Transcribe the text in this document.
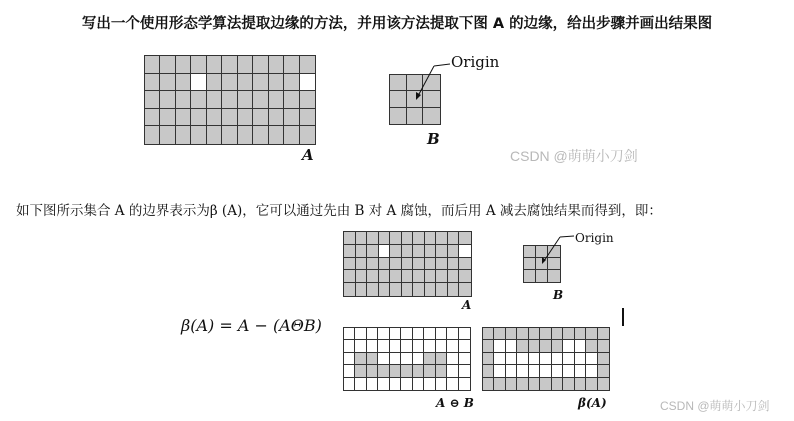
写出一个使用形态学算法提取边缘的方法，并用该方法提取下图 A 的边缘，给出步骤并画出结果图
A
Origin
B
CSDN @萌萌小刀剑
如下图所示集合 A 的边界表示为β (A)，它可以通过先由 B 对 A 腐蚀，而后用 A 减去腐蚀结果而得到，即：
β(A) = A − (AΘB)
A
Origin
B
A ⊖ B	β(A)	CSDN @萌萌小刀剑
